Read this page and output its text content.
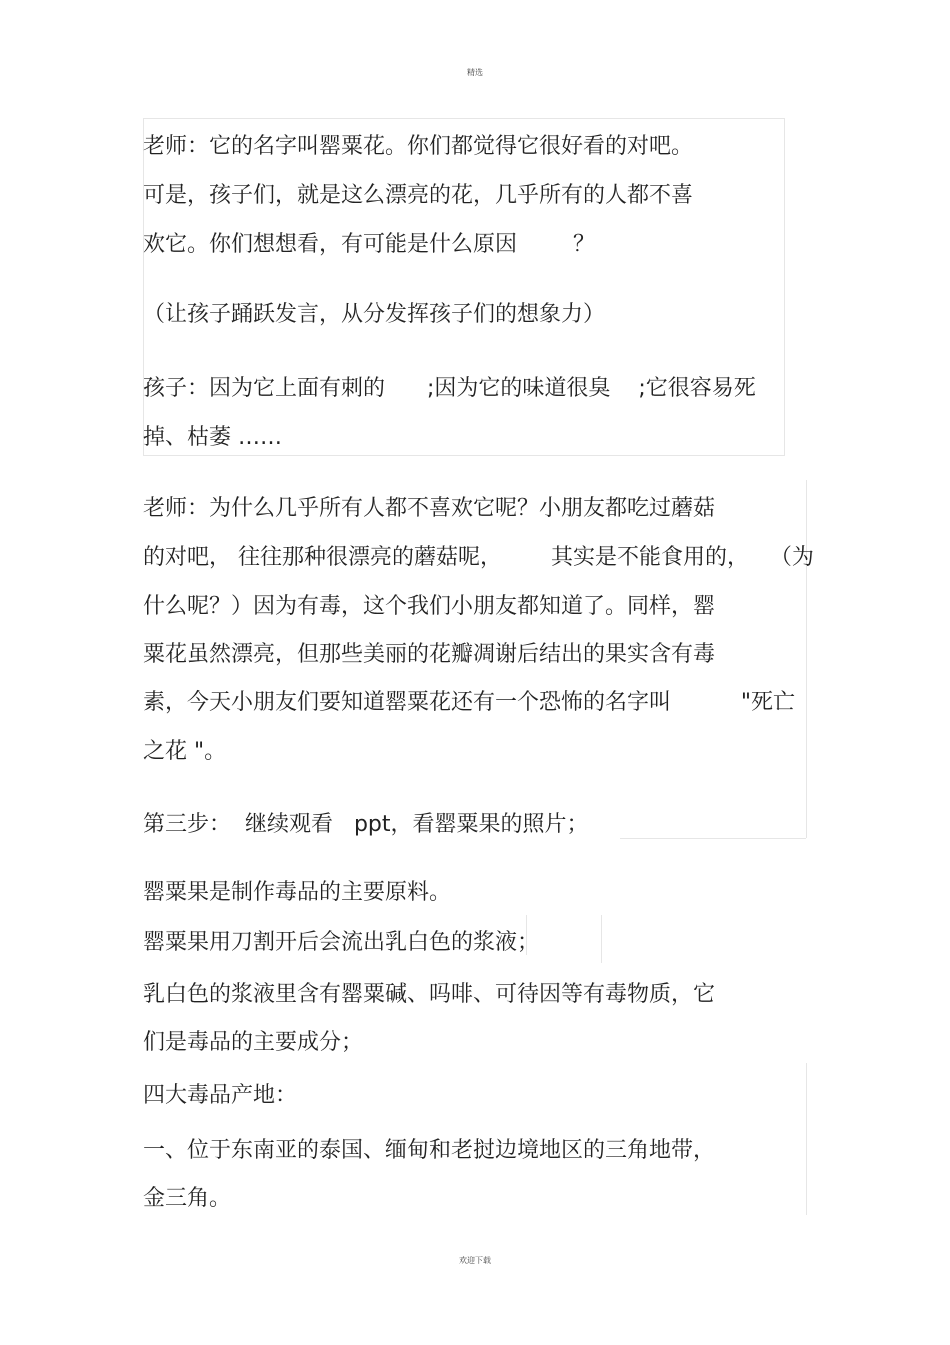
精选
老师：它的名字叫罂粟花。你们都觉得它很好看的对吧。
可是，孩子们，就是这么漂亮的花，几乎所有的人都不喜
欢它。你们想想看，有可能是什么原因        ？
（让孩子踊跃发言，从分发挥孩子们的想象力）
孩子：因为它上面有刺的      ;因为它的味道很臭    ;它很容易死
掉、枯萎 ……
老师：为什么几乎所有人都不喜欢它呢？小朋友都吃过蘑菇
的对吧， 往往那种很漂亮的蘑菇呢，       其实是不能食用的，   （为
什么呢？）因为有毒，这个我们小朋友都知道了。同样，罂
粟花虽然漂亮，但那些美丽的花瓣凋谢后结出的果实含有毒
素，今天小朋友们要知道罂粟花还有一个恐怖的名字叫          "死亡
之花 "。
第三步：  继续观看   ppt，看罂粟果的照片；
罂粟果是制作毒品的主要原料。
罂粟果用刀割开后会流出乳白色的浆液；
乳白色的浆液里含有罂粟碱、吗啡、可待因等有毒物质，它
们是毒品的主要成分；
四大毒品产地：
一、位于东南亚的泰国、缅甸和老挝边境地区的三角地带，
金三角。
欢迎下载
